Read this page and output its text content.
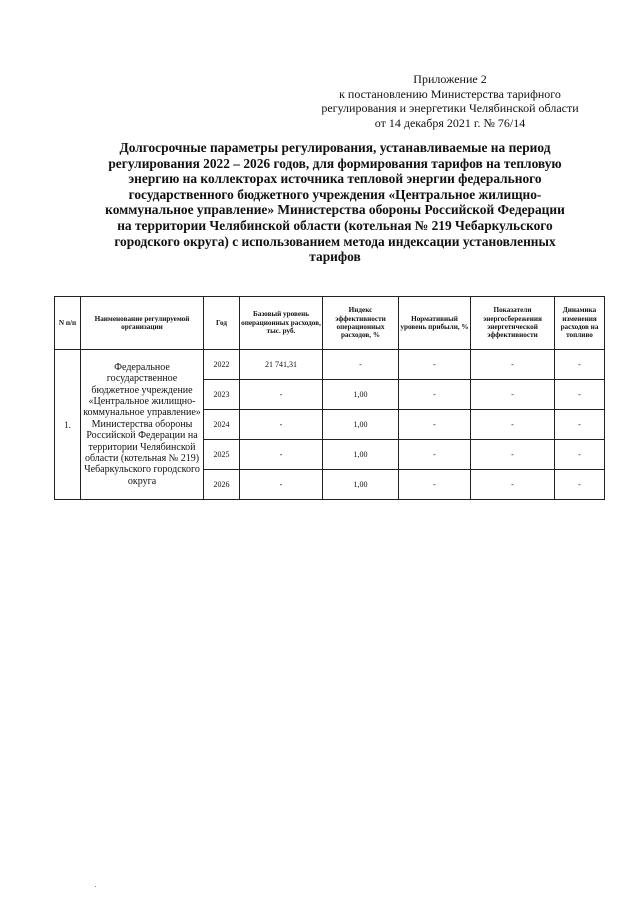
Приложение 2
к постановлению Министерства тарифного
регулирования и энергетики Челябинской области
от 14 декабря 2021 г. № 76/14
Долгосрочные параметры регулирования, устанавливаемые на период
регулирования 2022 – 2026 годов, для формирования тарифов на тепловую
энергию на коллекторах источника тепловой энергии федерального
государственного бюджетного учреждения «Центральное жилищно-
коммунальное управление» Министерства обороны Российской Федерации
на территории Челябинской области (котельная № 219 Чебаркульского
городского округа) с использованием метода индексации установленных
тарифов
N п/п	Наименование регулируемой организации	Год	Базовый уровень операционных расходов, тыс. руб.	Индекс эффективности операционных расходов, %	Нормативный уровень прибыли, %	Показатели энергосбережения энергетической эффективности	Динамика изменения расходов на топливо
1.	Федеральное государственное бюджетное учреждение «Центральное жилищно-коммунальное управление» Министерства обороны Российской Федерации на территории Челябинской области (котельная № 219) Чебаркульского городского округа	2022	21 741,31	-	-	-	-
		2023	-	1,00	-	-	-
		2024	-	1,00	-	-	-
		2025	-	1,00	-	-	-
		2026	-	1,00	-	-	-
